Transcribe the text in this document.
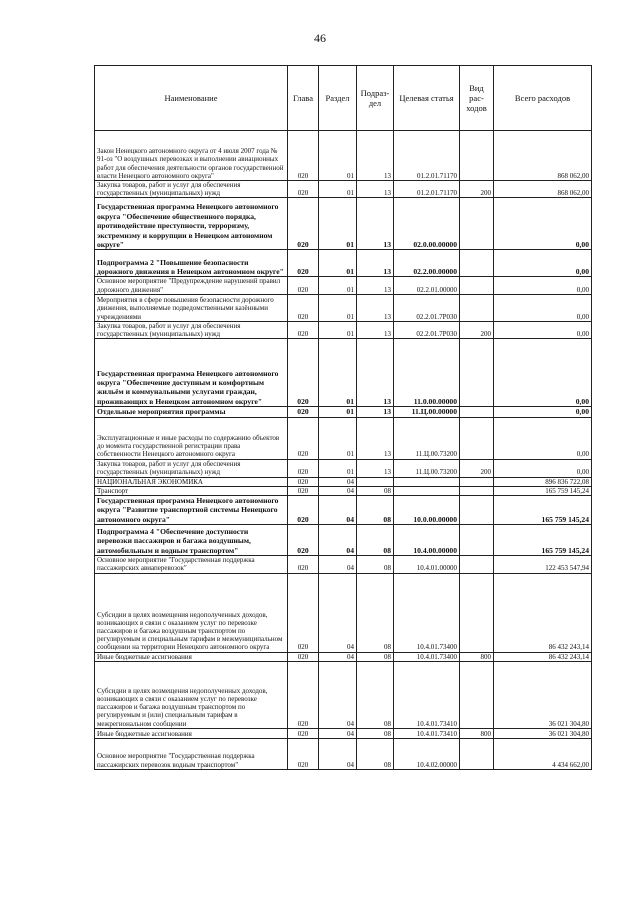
46
Наименование	Глава	Раздел	Подраз-дел	Целевая статья	Вид рас-ходов	Всего расходов
Закон Ненецкого автономного округа от 4 июля 2007 года № 91-оз "О воздушных перевозках и выполнении авиационных работ для обеспечения деятельности органов государственной власти Ненецкого автономного округа"	020	01	13	01.2.01.71170		868 062,00
Закупка товаров, работ и услуг для обеспечения государственных (муниципальных) нужд	020	01	13	01.2.01.71170	200	868 062,00
Государственная программа Ненецкого автономного округа "Обеспечение общественного порядка, противодействие преступности, терроризму, экстремизму и коррупции в Ненецком автономном округе"	020	01	13	02.0.00.00000		0,00
Подпрограмма 2 "Повышение безопасности дорожного движения в Ненецком автономном округе"	020	01	13	02.2.00.00000		0,00
Основное мероприятие "Предупреждение нарушений правил дорожного движения"	020	01	13	02.2.01.00000		0,00
Мероприятия в сфере повышения безопасности дорожного движения, выполняемые подведомственными казёнными учреждениями	020	01	13	02.2.01.7Р030		0,00
Закупка товаров, работ и услуг для обеспечения государственных (муниципальных) нужд	020	01	13	02.2.01.7Р030	200	0,00
Государственная программа Ненецкого автономного округа "Обеспечение доступным и комфортным жильём и коммунальными услугами граждан, проживающих в Ненецком автономном округе"	020	01	13	11.0.00.00000		0,00
Отдельные мероприятия программы	020	01	13	11.Ц.00.00000		0,00
Эксплуатационные и иные расходы по содержанию объектов до момента государственной регистрации права собственности Ненецкого автономного округа	020	01	13	11.Ц.00.73200		0,00
Закупка товаров, работ и услуг для обеспечения государственных (муниципальных) нужд	020	01	13	11.Ц.00.73200	200	0,00
НАЦИОНАЛЬНАЯ ЭКОНОМИКА	020	04				896 836 722,08
Транспорт	020	04	08			165 759 145,24
Государственная программа Ненецкого автономного округа "Развитие транспортной системы Ненецкого автономного округа"	020	04	08	10.0.00.00000		165 759 145,24
Подпрограмма 4 "Обеспечение доступности перевозки пассажиров и багажа воздушным, автомобильным и водным транспортом"	020	04	08	10.4.00.00000		165 759 145,24
Основное мероприятие "Государственная поддержка пассажирских авиаперевозок"	020	04	08	10.4.01.00000		122 453 547,94
Субсидии в целях возмещения недополученных доходов, возникающих в связи с оказанием услуг по перевозке пассажиров и багажа воздушным транспортом по регулируемым и специальным тарифам в межмуниципальном сообщении на территории Ненецкого автономного округа	020	04	08	10.4.01.73400		86 432 243,14
Иные бюджетные ассигнования	020	04	08	10.4.01.73400	800	86 432 243,14
Субсидии в целях возмещения недополученных доходов, возникающих в связи с оказанием услуг по перевозке пассажиров и багажа воздушным транспортом по регулируемым и (или) специальным тарифам в межрегиональном сообщении	020	04	08	10.4.01.73410		36 021 304,80
Иные бюджетные ассигнования	020	04	08	10.4.01.73410	800	36 021 304,80
Основное мероприятие "Государственная поддержка пассажирских перевозок водным транспортом"	020	04	08	10.4.02.00000		4 434 662,00
